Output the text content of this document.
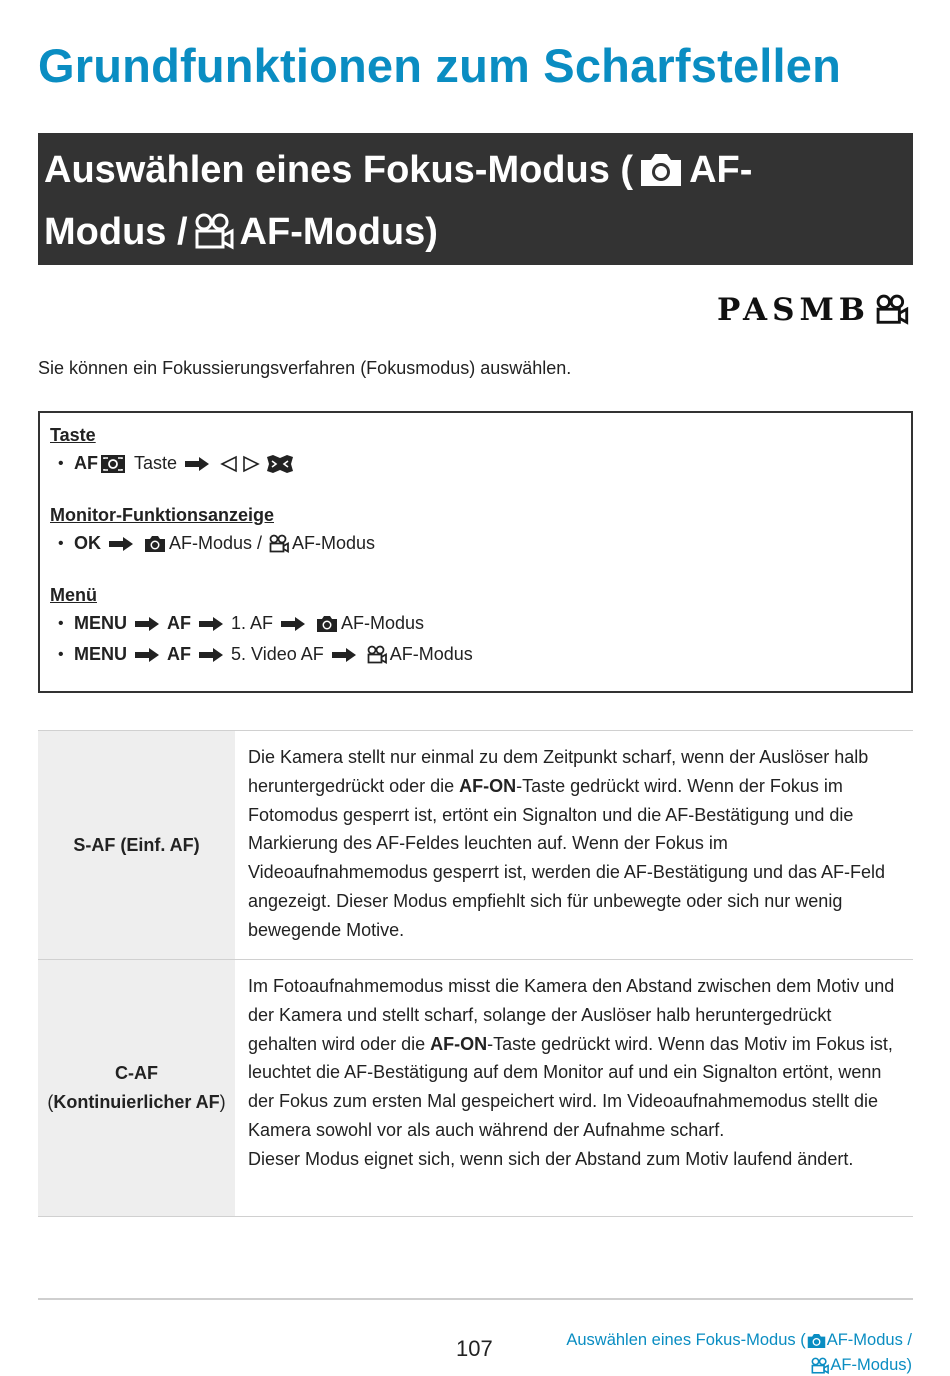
Grundfunktionen zum Scharfstellen
Auswählen eines Fokus-Modus ( AF-
Modus / AF-Modus)
PASMB
Sie können ein Fokussierungsverfahren (Fokusmodus) auswählen.
Taste
• AF Taste
Monitor-Funktionsanzeige
• OK	AF-Modus / AF-Modus
Menü
• MENU AF 1. AF	AF-Modus
• MENU AF 5. Video AF	AF-Modus
S-AF (Einf. AF)
Die Kamera stellt nur einmal zu dem Zeitpunkt scharf, wenn der Auslöser halb heruntergedrückt oder die AF-ON-Taste gedrückt wird. Wenn der Fokus im Fotomodus gesperrt ist, ertönt ein Signalton und die AF-Bestätigung und die Markierung des AF-Feldes leuchten auf. Wenn der Fokus im Videoaufnahmemodus gesperrt ist, werden die AF-Bestätigung und das AF-Feld angezeigt. Dieser Modus empfiehlt sich für unbewegte oder sich nur wenig bewegende Motive.
C-AF
(Kontinuierlicher AF)
Im Fotoaufnahmemodus misst die Kamera den Abstand zwischen dem Motiv und der Kamera und stellt scharf, solange der Auslöser halb heruntergedrückt gehalten wird oder die AF-ON-Taste gedrückt wird. Wenn das Motiv im Fokus ist, leuchtet die AF-Bestätigung auf dem Monitor auf und ein Signalton ertönt, wenn der Fokus zum ersten Mal gespeichert wird. Im Videoaufnahmemodus stellt die Kamera sowohl vor als auch während der Aufnahme scharf.
Dieser Modus eignet sich, wenn sich der Abstand zum Motiv laufend ändert.
107	Auswählen eines Fokus-Modus ( AF-Modus /
AF-Modus)
